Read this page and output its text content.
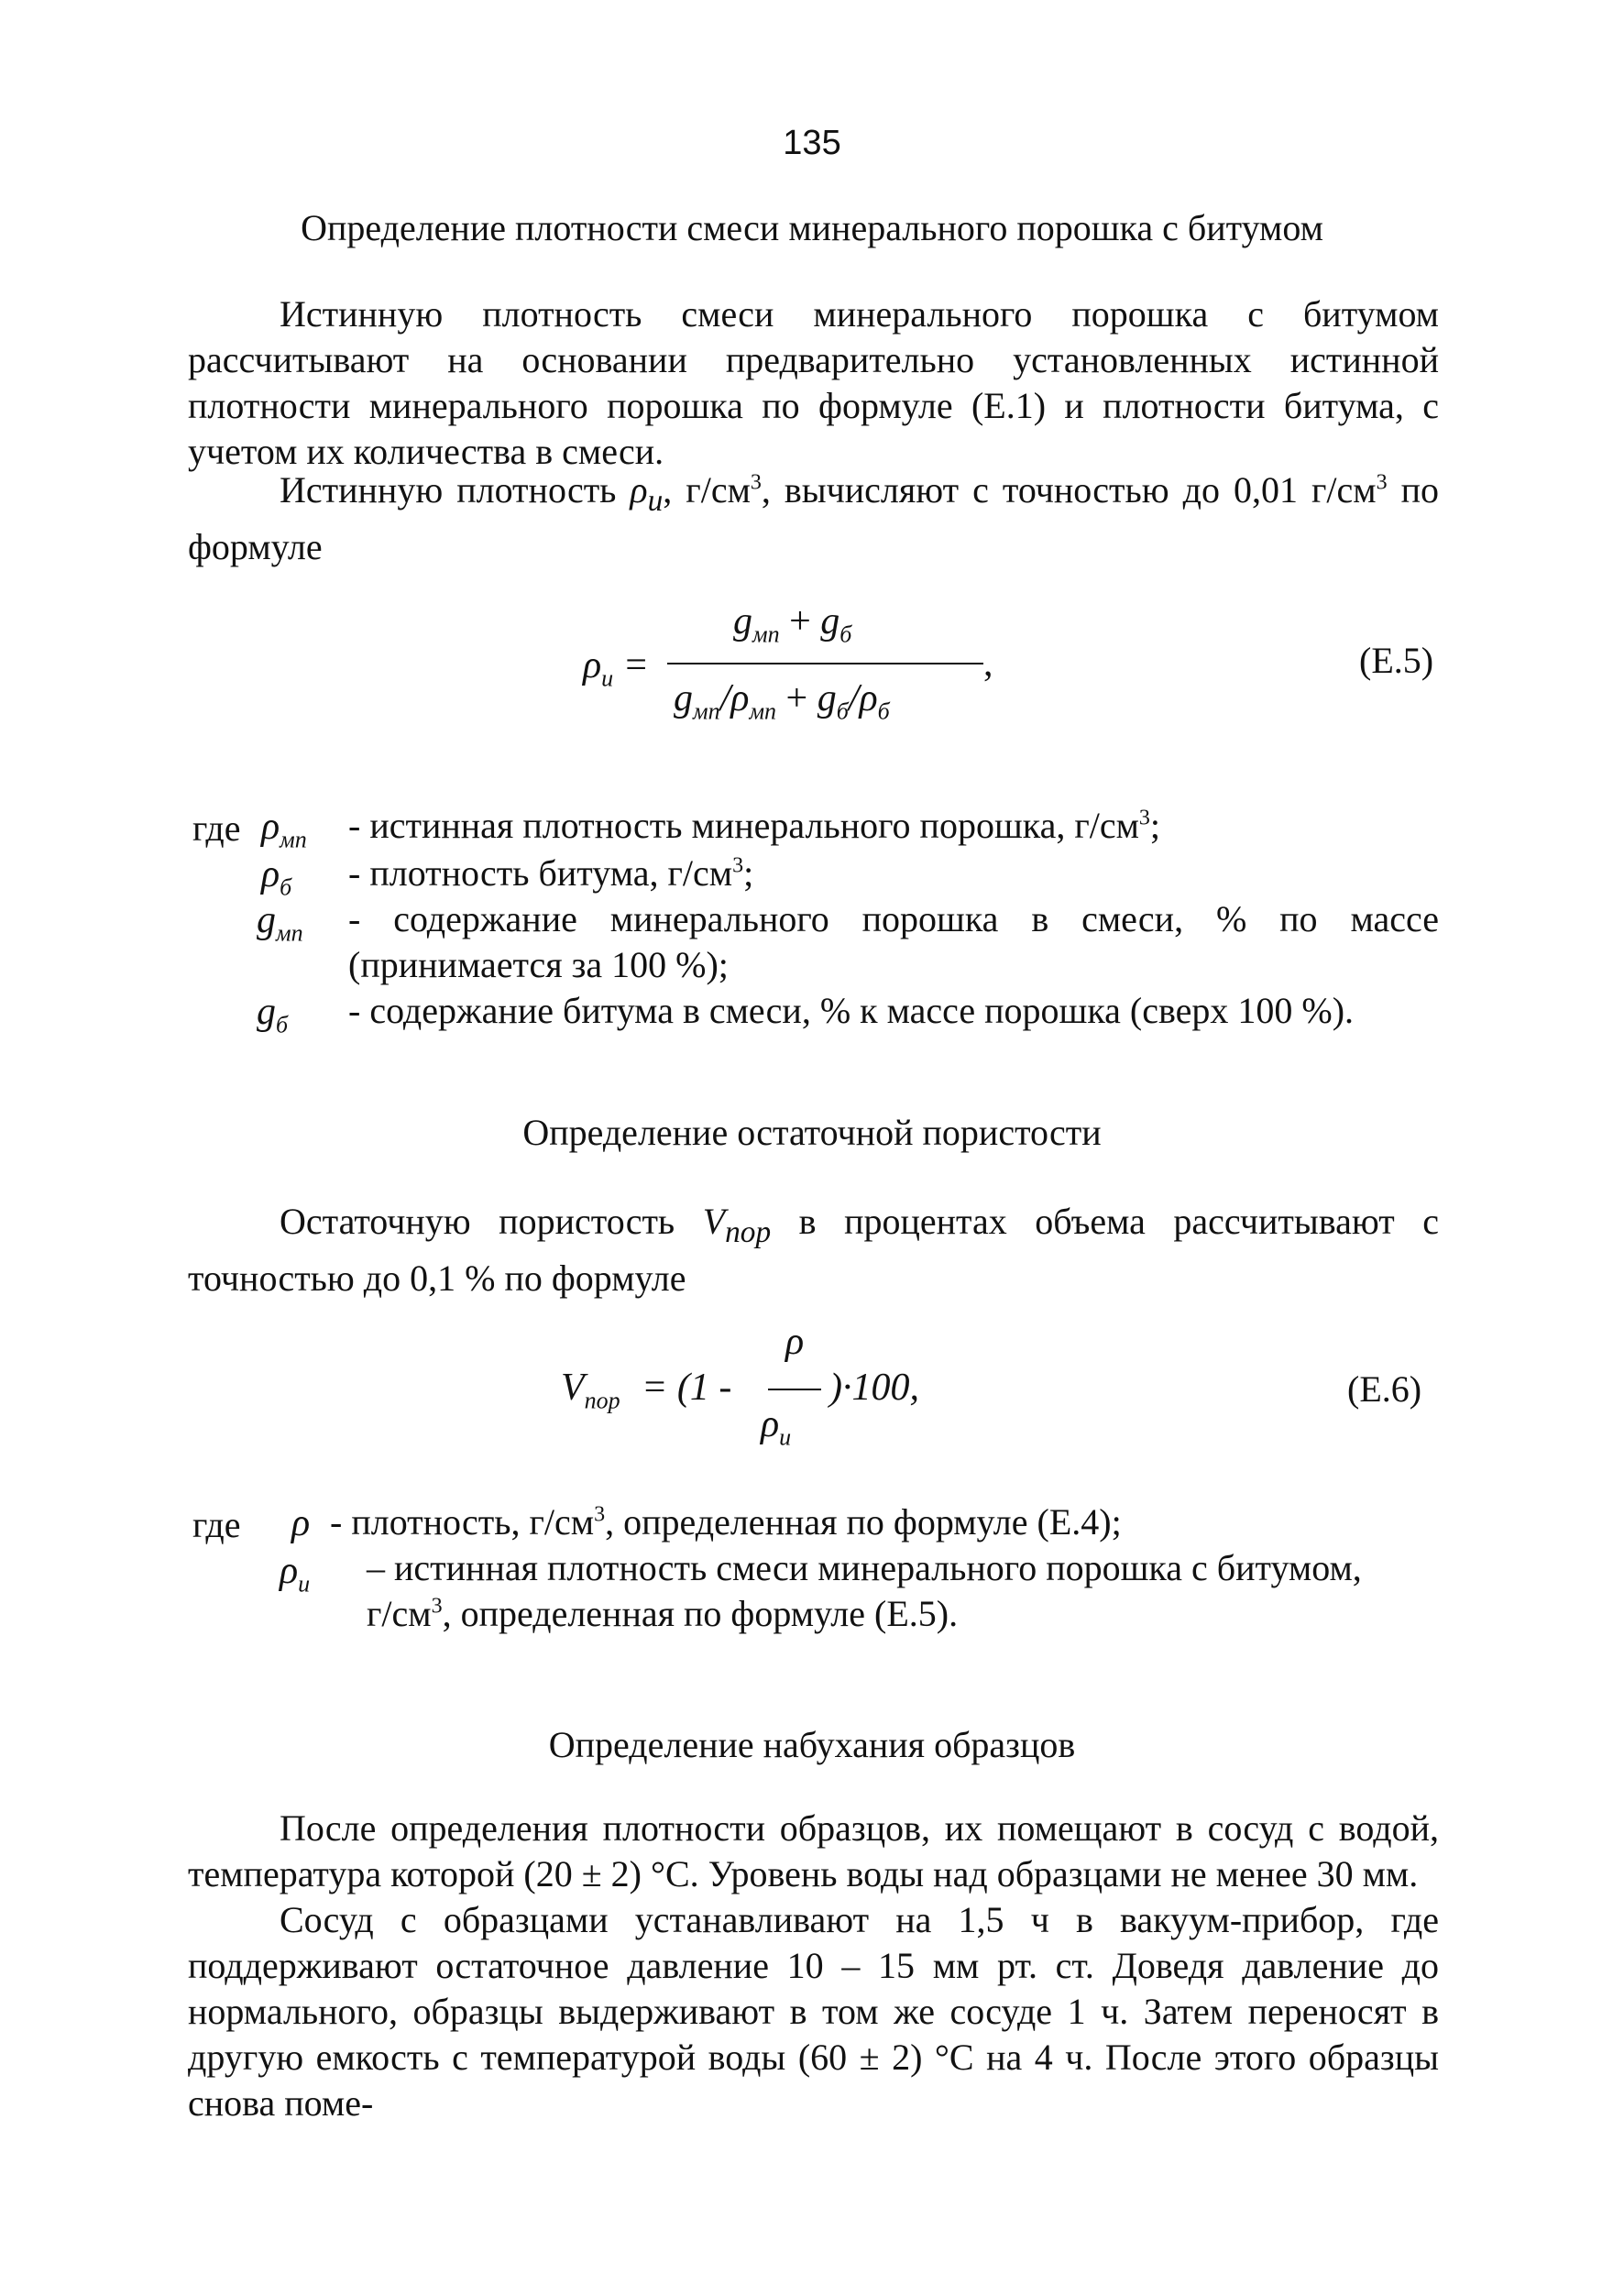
135
Определение плотности смеси минерального порошка с битумом
Истинную плотность смеси минерального порошка с битумом рассчитывают на основании предварительно установленных истинной плотности минерального порошка по формуле (Е.1) и плотности битума, с учетом их количества в смеси.
Истинную плотность $\rho_и$, $г/см^3$, вычисляют с точностью до 0,01 $г/см^3$ по формуле
$\rho_и$ =
$g_{мп} + g_б$
,
$g_{мп}/\rho_{мп} + g_б/\rho_б$
(Е.5)
где $\rho_{мп}$ - истинная плотность минерального порошка, $г/см^3$;
$\rho_б$ - плотность битума, $г/см^3$;
$g_{мп}$ - содержание минерального порошка в смеси, % по массе (принимается за 100 %);
$g_б$ - содержание битума в смеси, % к массе порошка (сверх 100 %).
Определение остаточной пористости
Остаточную пористость $V_{пор}$ в процентах объема рассчитывают с точностью до 0,1 % по формуле
$V_{пор} = (1$ -
ρ
$\rho_и$
)·100,	(Е.6)
где ρ - плотность, $г/см^3$, определенная по формуле (Е.4);
$\rho_и$ – истинная плотность смеси минерального порошка с битумом, $г/см^3$, определенная по формуле (Е.5).
Определение набухания образцов
После определения плотности образцов, их помещают в сосуд с водой, температура которой (20 ± 2) °С. Уровень воды над образцами не менее 30 мм.
Сосуд с образцами устанавливают на 1,5 ч в вакуум-прибор, где поддерживают остаточное давление 10 – 15 мм рт. ст. Доведя давление до нормального, образцы выдерживают в том же сосуде 1 ч. Затем переносят в другую емкость с температурой воды (60 ± 2) °С на 4 ч. После этого образцы снова поме-
